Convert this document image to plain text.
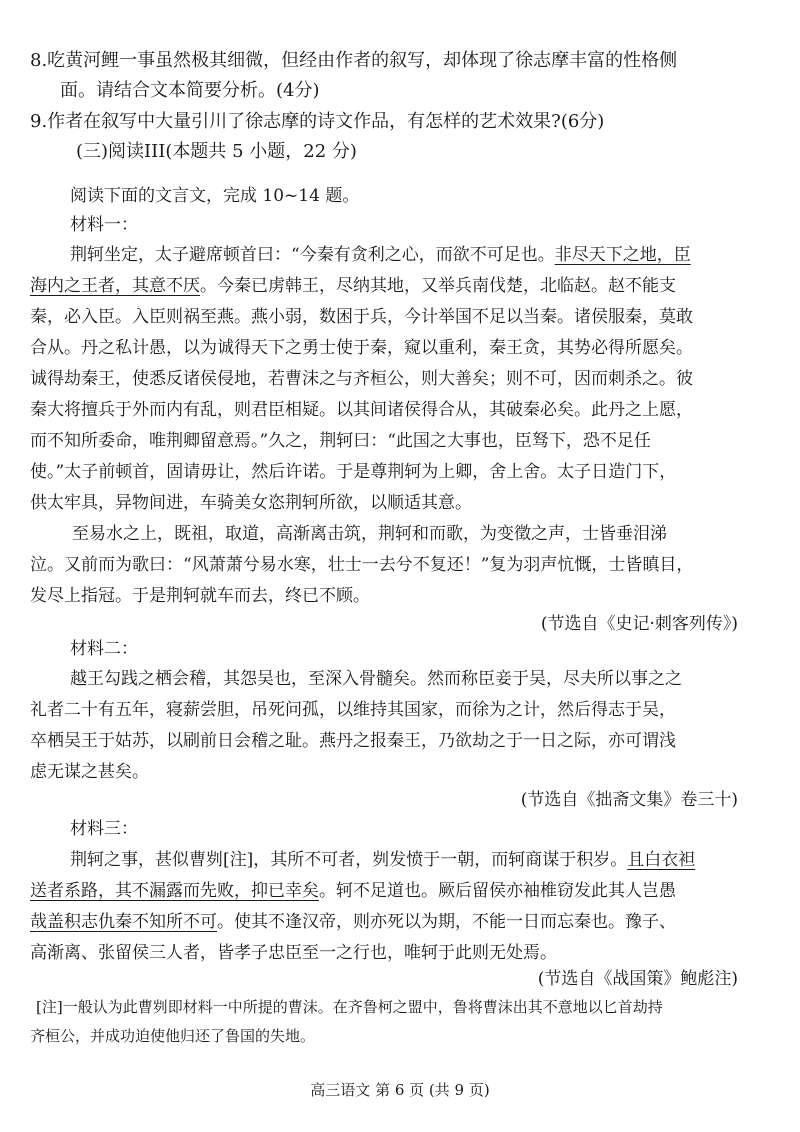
8.吃黄河鲤一事虽然极其细微，但经由作者的叙写，却体现了徐志摩丰富的性格侧
面。请结合文本简要分析。(4分)
9.作者在叙写中大量引川了徐志摩的诗文作品，有怎样的艺术效果?(6分)
(三)阅读III(本题共 5 小题，22 分)
阅读下面的文言文，完成 10~14 题。
材料一：
荆轲坐定，太子避席顿首曰：“今秦有贪利之心，而欲不可足也。非尽天下之地，臣
海内之王者，其意不厌。今秦已虏韩王，尽纳其地，又举兵南伐楚，北临赵。赵不能支
秦，必入臣。入臣则祸至燕。燕小弱，数困于兵，今计举国不足以当秦。诸侯服秦，莫敢
合从。丹之私计愚，以为诚得天下之勇士使于秦，窥以重利，秦王贪，其势必得所愿矣。
诚得劫秦王，使悉反诸侯侵地，若曹沫之与齐桓公，则大善矣；则不可，因而刺杀之。彼
秦大将擅兵于外而内有乱，则君臣相疑。以其间诸侯得合从，其破秦必矣。此丹之上愿，
而不知所委命，唯荆卿留意焉。”久之，荆轲曰：“此国之大事也，臣驽下，恐不足任
使。”太子前顿首，固请毋让，然后许诺。于是尊荆轲为上卿，舍上舍。太子日造门下，
供太牢具，异物间进，车骑美女恣荆轲所欲，以顺适其意。
至易水之上，既祖，取道，高渐离击筑，荆轲和而歌，为变徵之声，士皆垂泪涕
泣。又前而为歌曰：“风萧萧兮易水寒，壮士一去兮不复还！”复为羽声忼慨，士皆瞋目，
发尽上指冠。于是荆轲就车而去，终已不顾。
(节选自《史记·刺客列传》)
材料二：
越王勾践之栖会稽，其怨吴也，至深入骨髓矣。然而称臣妾于吴，尽夫所以事之之
礼者二十有五年，寝薪尝胆，吊死问孤，以维持其国家，而徐为之计，然后得志于吴，
卒栖吴王于姑苏，以刷前日会稽之耻。燕丹之报秦王，乃欲劫之于一日之际，亦可谓浅
虑无谋之甚矣。
(节选自《拙斋文集》卷三十)
材料三：
荆轲之事，甚似曹刿[注]，其所不可者，刿发愤于一朝，而轲商谋于积岁。且白衣袒
送者系路，其不漏露而先败，抑已幸矣。轲不足道也。厥后留侯亦袖椎窃发此其人岂愚
哉盖积志仇秦不知所不可。使其不逢汉帝，则亦死以为期，不能一日而忘秦也。豫子、
高渐离、张留侯三人者，皆孝子忠臣至一之行也，唯轲于此则无处焉。
(节选自《战国策》鲍彪注)
[注]一般认为此曹刿即材料一中所提的曹沫。在齐鲁柯之盟中，鲁将曹沫出其不意地以匕首劫持
齐桓公，并成功迫使他归还了鲁国的失地。
高三语文 第 6 页 (共 9 页)
